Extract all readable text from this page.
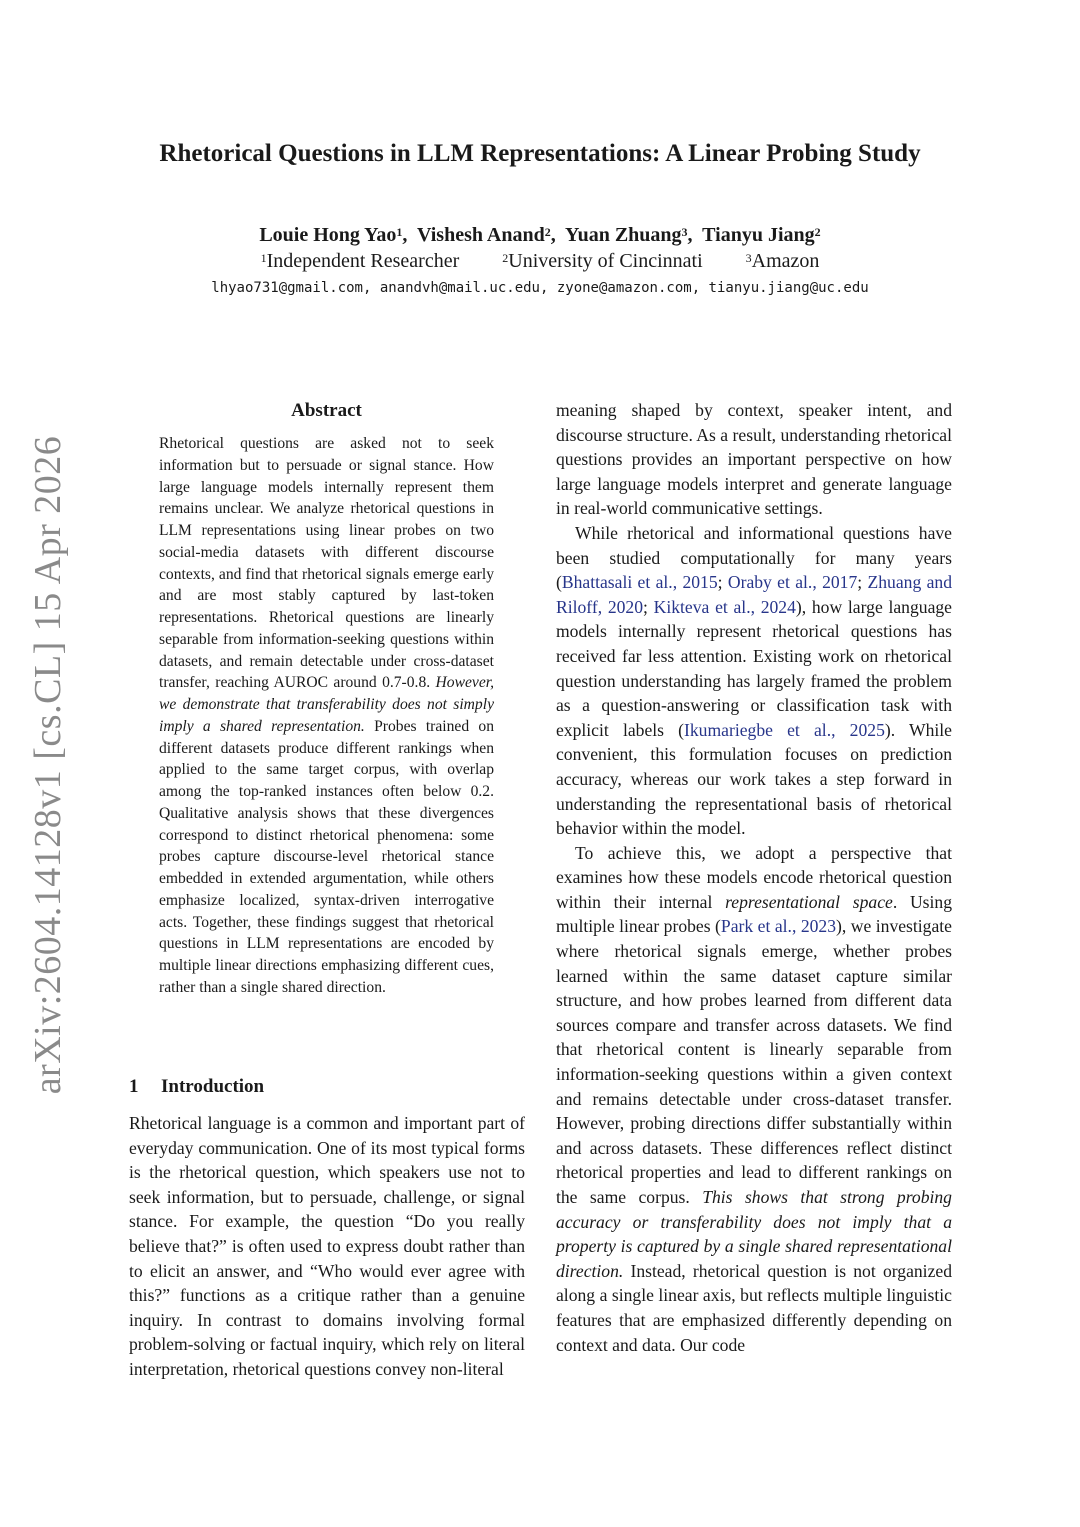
arXiv:2604.14128v1 [cs.CL] 15 Apr 2026
Rhetorical Questions in LLM Representations: A Linear Probing Study
Louie Hong Yao$^1$,  Vishesh Anand$^2$,  Yuan Zhuang$^3$,  Tianyu Jiang$^2$
$^1$Independent Researcher	$^2$University of Cincinnati	$^3$Amazon
lhyao731@gmail.com, anandvh@mail.uc.edu, zyone@amazon.com, tianyu.jiang@uc.edu
Abstract

Rhetorical questions are asked not to seek information but to persuade or signal stance. How large language models internally represent them remains unclear. We analyze rhetorical questions in LLM representations using linear probes on two social-media datasets with different discourse contexts, and find that rhetorical signals emerge early and are most stably captured by last-token representations. Rhetorical questions are linearly separable from information-seeking questions within datasets, and remain detectable under cross-dataset transfer, reaching AUROC around 0.7-0.8. However, we demonstrate that transferability does not simply imply a shared representation. Probes trained on different datasets produce different rankings when applied to the same target corpus, with overlap among the top-ranked instances often below 0.2. Qualitative analysis shows that these divergences correspond to distinct rhetorical phenomena: some probes capture discourse-level rhetorical stance embedded in extended argumentation, while others emphasize localized, syntax-driven interrogative acts. Together, these findings suggest that rhetorical questions in LLM representations are encoded by multiple linear directions emphasizing different cues, rather than a single shared direction.

1 Introduction

Rhetorical language is a common and important part of everyday communication. One of its most typical forms is the rhetorical question, which speakers use not to seek information, but to persuade, challenge, or signal stance. For example, the question “Do you really believe that?” is often used to express doubt rather than to elicit an answer, and “Who would ever agree with this?” functions as a critique rather than a genuine inquiry. In contrast to domains involving formal problem-solving or factual inquiry, which rely on literal interpretation, rhetorical questions convey non-literal

meaning shaped by context, speaker intent, and discourse structure. As a result, understanding rhetorical questions provides an important perspective on how large language models interpret and generate language in real-world communicative settings.

While rhetorical and informational questions have been studied computationally for many years (Bhattasali et al., 2015; Oraby et al., 2017; Zhuang and Riloff, 2020; Kikteva et al., 2024), how large language models internally represent rhetorical questions has received far less attention. Existing work on rhetorical question understanding has largely framed the problem as a question-answering or classification task with explicit labels (Ikumariegbe et al., 2025). While convenient, this formulation focuses on prediction accuracy, whereas our work takes a step forward in understanding the representational basis of rhetorical behavior within the model.

To achieve this, we adopt a perspective that examines how these models encode rhetorical question within their internal representational space. Using multiple linear probes (Park et al., 2023), we investigate where rhetorical signals emerge, whether probes learned within the same dataset capture similar structure, and how probes learned from different data sources compare and transfer across datasets. We find that rhetorical content is linearly separable from information-seeking questions within a given context and remains detectable under cross-dataset transfer. However, probing directions differ substantially within and across datasets. These differences reflect distinct rhetorical properties and lead to different rankings on the same corpus. This shows that strong probing accuracy or transferability does not imply that a property is captured by a single shared representational direction. Instead, rhetorical question is not organized along a single linear axis, but reflects multiple linguistic features that are emphasized differently depending on context and data. Our code
